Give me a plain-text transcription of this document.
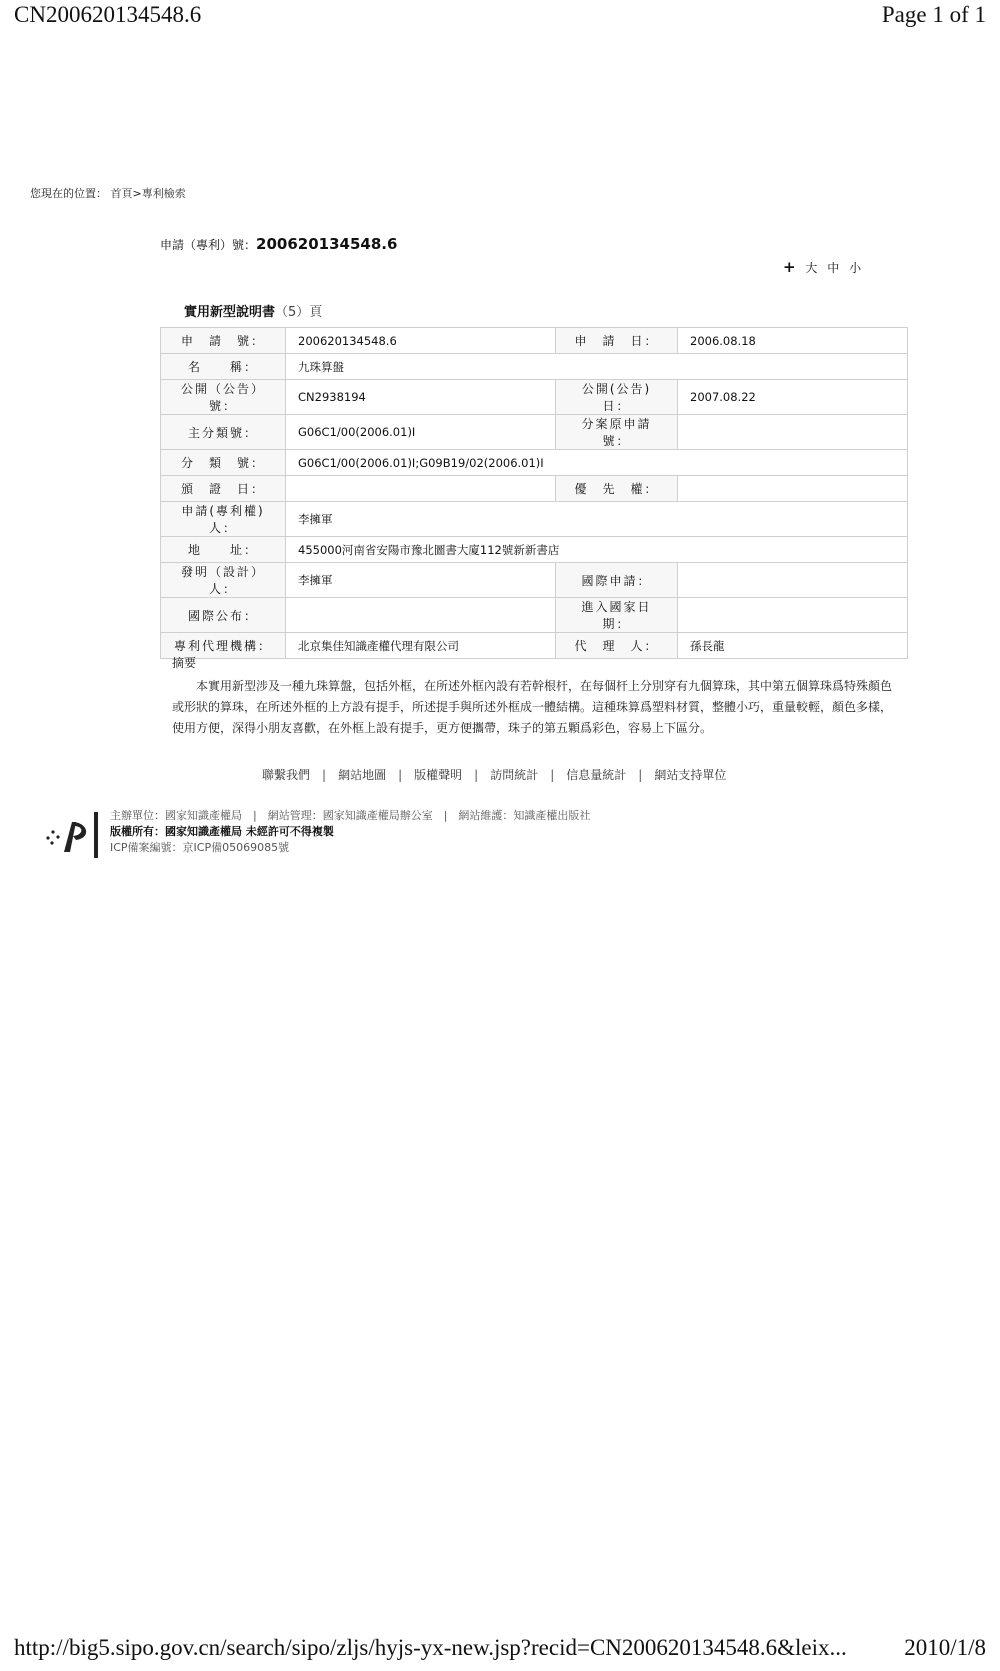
CN200620134548.6	Page 1 of 1
您現在的位置： 首頁>專利檢索
申請（專利）號：200620134548.6
+ 大 中 小
實用新型說明書（5）頁
申　請　號：	200620134548.6	申　請　日：	2006.08.18
名　　稱：	九珠算盤		
公開（公告）號：	CN2938194	公開(公告)日：	2007.08.22
主分類號：	G06C1/00(2006.01)I	分案原申請號：	
分　類　號：	G06C1/00(2006.01)I;G09B19/02(2006.01)I		
頒　證　日：		優　先　權：	
申請(專利權)人：	李擁軍		
地　　址：	455000河南省安陽市豫北圖書大廈112號新新書店		
發明（設計）人：	李擁軍	國際申請：	
國際公布：		進入國家日期：	
專利代理機構：	北京集佳知識產權代理有限公司	代　理　人：	孫長龍
摘要
本實用新型涉及一種九珠算盤，包括外框，在所述外框內設有若幹根杆，在每個杆上分別穿有九個算珠，其中第五個算珠爲特殊顏色或形狀的算珠，在所述外框的上方設有提手，所述提手與所述外框成一體結構。這種珠算爲塑料材質，整體小巧，重量較輕，顏色多樣，使用方便，深得小朋友喜歡，在外框上設有提手，更方便攜帶，珠子的第五顆爲彩色，容易上下區分。
聯繫我們 | 網站地圖 | 版權聲明 | 訪問統計 | 信息量統計 | 網站支持單位
主辦單位：國家知識產權局　|　網站管理：國家知識產權局辦公室　|　網站維護：知識產權出版社
版權所有：國家知識產權局 未經許可不得複製
ICP備案編號：京ICP備05069085號
http://big5.sipo.gov.cn/search/sipo/zljs/hyjs-yx-new.jsp?recid=CN200620134548.6&leix... 2010/1/8
